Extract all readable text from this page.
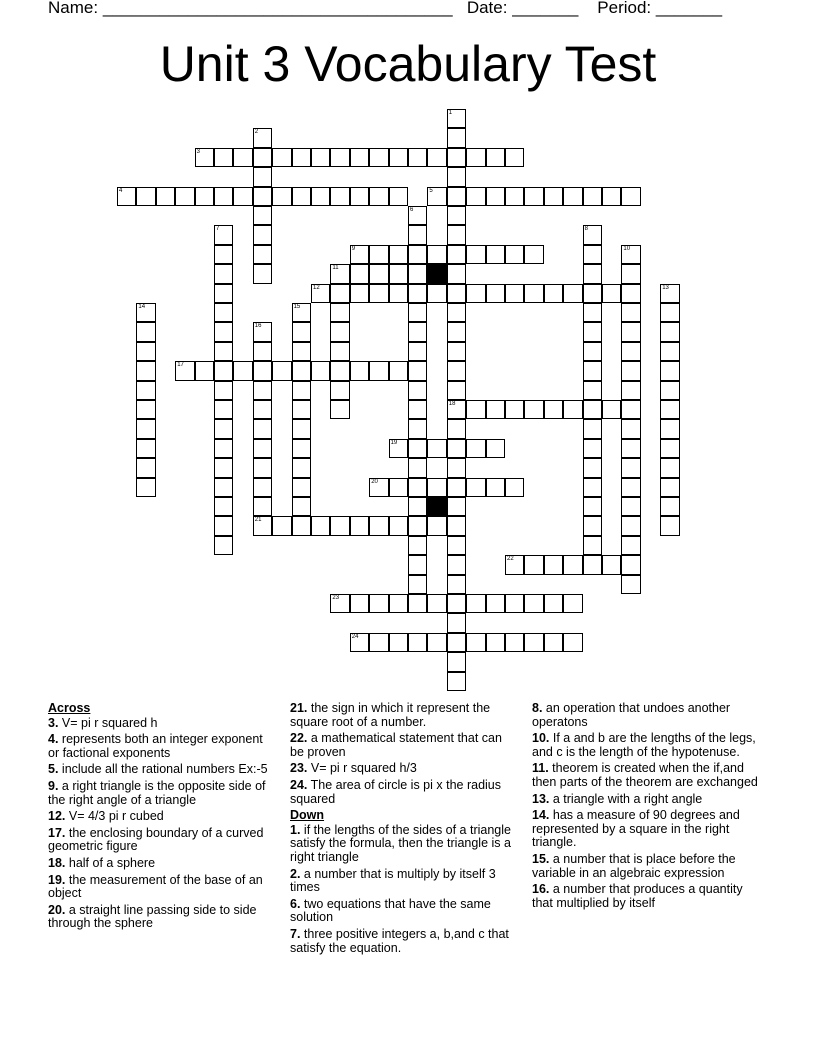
Name: _____________________________________ Date: _______ Period: _______
Unit 3 Vocabulary Test
3
4	5
9
11
12
17
18
19
20
21
22
23
24
1
2
6
7	8
10
13
14	15
16
Across
3. V= pi r squared h
4. represents both an integer exponent or factional exponents
5. include all the rational numbers Ex:-5
9. a right triangle is the opposite side of the right angle of a triangle
12. V= 4/3 pi r cubed
17. the enclosing boundary of a curved geometric figure
18. half of a sphere
19. the measurement of the base of an object
20. a straight line passing side to side through the sphere
21. the sign in which it represent the square root of a number.
22. a mathematical statement that can be proven
23. V= pi r squared h/3
24. The area of circle is pi x the radius squared
Down
1. if the lengths of the sides of a triangle satisfy the formula, then the triangle is a right triangle
2. a number that is multiply by itself 3 times
6. two equations that have the same solution
7. three positive integers a, b,and c that satisfy the equation.
8. an operation that undoes another operatons
10. If a and b are the lengths of the legs, and c is the length of the hypotenuse.
11. theorem is created when the if,and then parts of the theorem are exchanged
13. a triangle with a right angle
14. has a measure of 90 degrees and represented by a square in the right triangle.
15. a number that is place before the variable in an algebraic expression
16. a number that produces a quantity that multiplied by itself
